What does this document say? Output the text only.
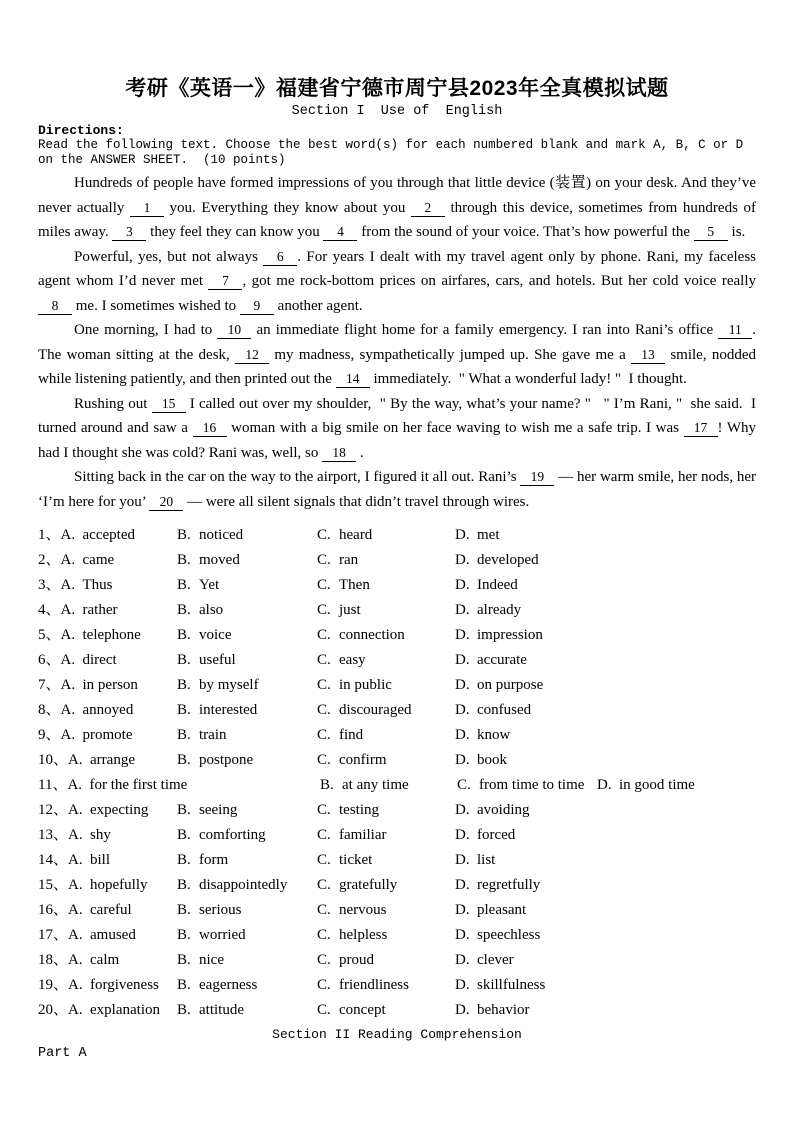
考研《英语一》福建省宁德市周宁县2023年全真模拟试题
Section I  Use of  English
Directions:
Read the following text. Choose the best word(s) for each numbered blank and mark A, B, C or D on the ANSWER SHEET.  (10 points)

Hundreds of people have formed impressions of you through that little device (装置) on your desk. And they’ve never actually 1 you. Everything they know about you 2 through this device, sometimes from hundreds of miles away. 3 they feel they can know you 4 from the sound of your voice. That’s how powerful the 5 is.

Powerful, yes, but not always 6 . For years I dealt with my travel agent only by phone. Rani, my faceless agent whom I’d never met 7 , got me rock-bottom prices on airfares, cars, and hotels. But her cold voice really 8 me. I sometimes wished to 9 another agent.

One morning, I had to 10 an immediate flight home for a family emergency. I ran into Rani’s office 11 . The woman sitting at the desk, 12 my madness, sympathetically jumped up. She gave me a 13 smile, nodded while listening patiently, and then printed out the 14 immediately.  " What a wonderful lady! "  I thought.

Rushing out 15 I called out over my shoulder,  " By the way, what’s your name? "   " I’m Rani, "  she said.  I turned around and saw a 16 woman with a big smile on her face waving to wish me a safe trip. I was 17 ! Why had I thought she was cold? Rani was, well, so 18 .

Sitting back in the car on the way to the airport, I figured it all out. Rani’s 19 — her warm smile, her nods, her ‘I’m here for you’ 20 — were all silent signals that didn’t travel through wires.

1、A. accepted	B. noticed	C. heard	D. met
2、A. came	B. moved	C. ran	D. developed
3、A. Thus	B. Yet	C. Then	D. Indeed
4、A. rather	B. also	C. just	D. already
5、A. telephone B. voice	C. connection	D. impression
6、A. direct	B. useful	C. easy	D. accurate
7、A. in person	B. by myself	C. in public	D. on purpose
8、A. annoyed	B. interested	C. discouraged	D. confused
9、A. promote	B. train	C. find	D. know
10、A. arrange	B. postpone	C. confirm	D. book
11、A. for the first time	B. at any time	C. from time to time D. in good time
12、A. expecting B. seeing	C. testing	D. avoiding
13、A. shy	B. comforting	C. familiar	D. forced
14、A. bill	B. form	C. ticket	D. list
15、A. hopefully B. disappointedly C. gratefully	D. regretfully
16、A. careful	B. serious	C. nervous	D. pleasant
17、A. amused	B. worried	C. helpless	D. speechless
18、A. calm	B. nice	C. proud	D. clever
19、A. forgiveness B. eagerness	C. friendliness	D. skillfulness
20、A. explanation B. attitude	C. concept	D. behavior
Section II Reading Comprehension
Part A
